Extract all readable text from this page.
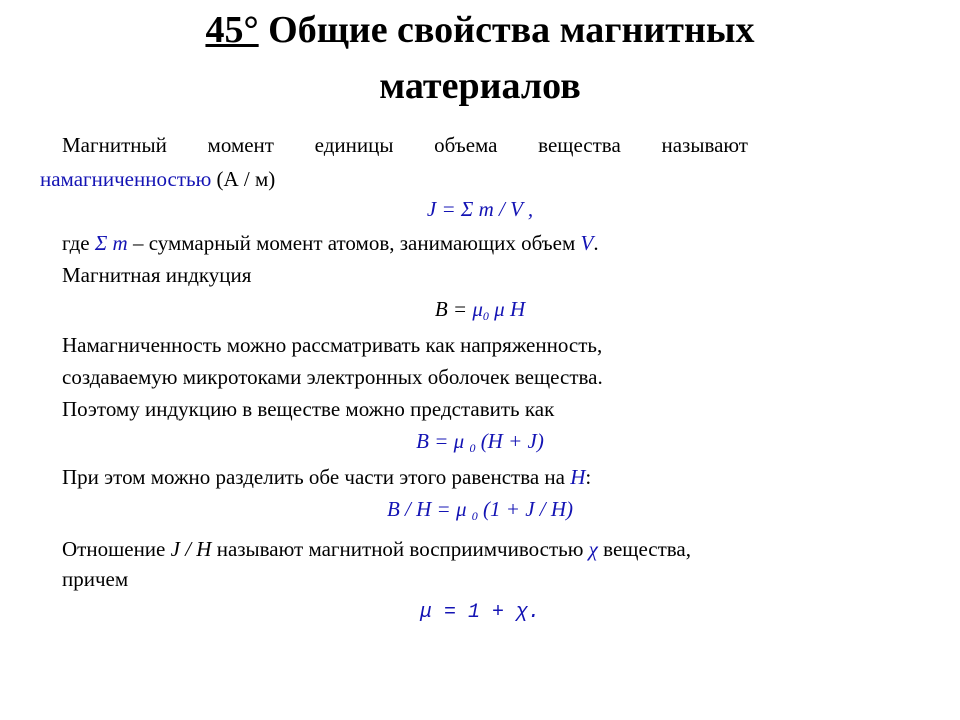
45° Общие свойства магнитных
материалов
Магнитный момент единицы объема вещества называют
намагниченностью (А / м)
J = Σ m / V ,
где Σ m – суммарный момент атомов, занимающих объем V.
Магнитная индкуция
$B = \mu_0$ μ H
Намагниченность можно рассматривать как напряженность,
создаваемую микротоками электронных оболочек вещества.
Поэтому индукцию в веществе можно представить как
B = μ $_0$ (H + J)
При этом можно разделить обе части этого равенства на H:
B / H = μ $_0$ (1 + J / H)
Отношение J / H называют магнитной восприимчивостью χ вещества,
причем
μ = 1 + χ.
